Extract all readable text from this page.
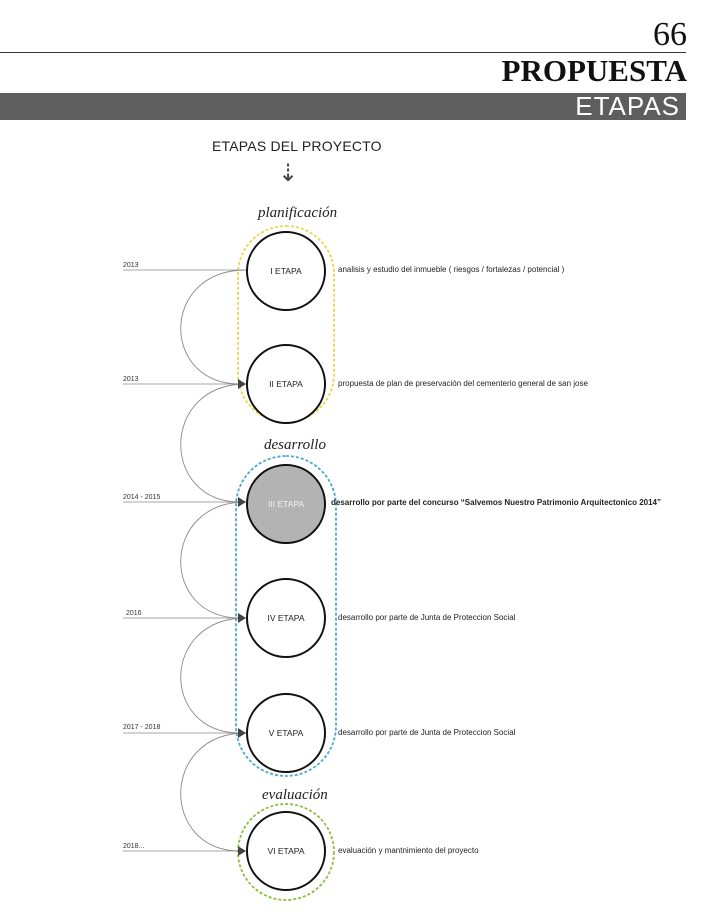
66
PROPUESTA
ETAPAS
ETAPAS DEL PROYECTO
⇣
planificación
desarrollo
evaluación
2013
2013
2014 - 2015
2016
2017 - 2018
2018...
I ETAPA
II ETAPA
III ETAPA
IV ETAPA
V ETAPA
VI ETAPA
analisis y estudio del inmueble ( riesgos / fortalezas / potencial )
propuesta de plan de preservación del cementerio general de san jose
desarrollo por parte del concurso “Salvemos Nuestro Patrimonio Arquitectonico 2014”
desarrollo por parte de Junta de Proteccion Social
desarrollo por parte de Junta de Proteccion Social
evaluación y mantnimiento del proyecto
